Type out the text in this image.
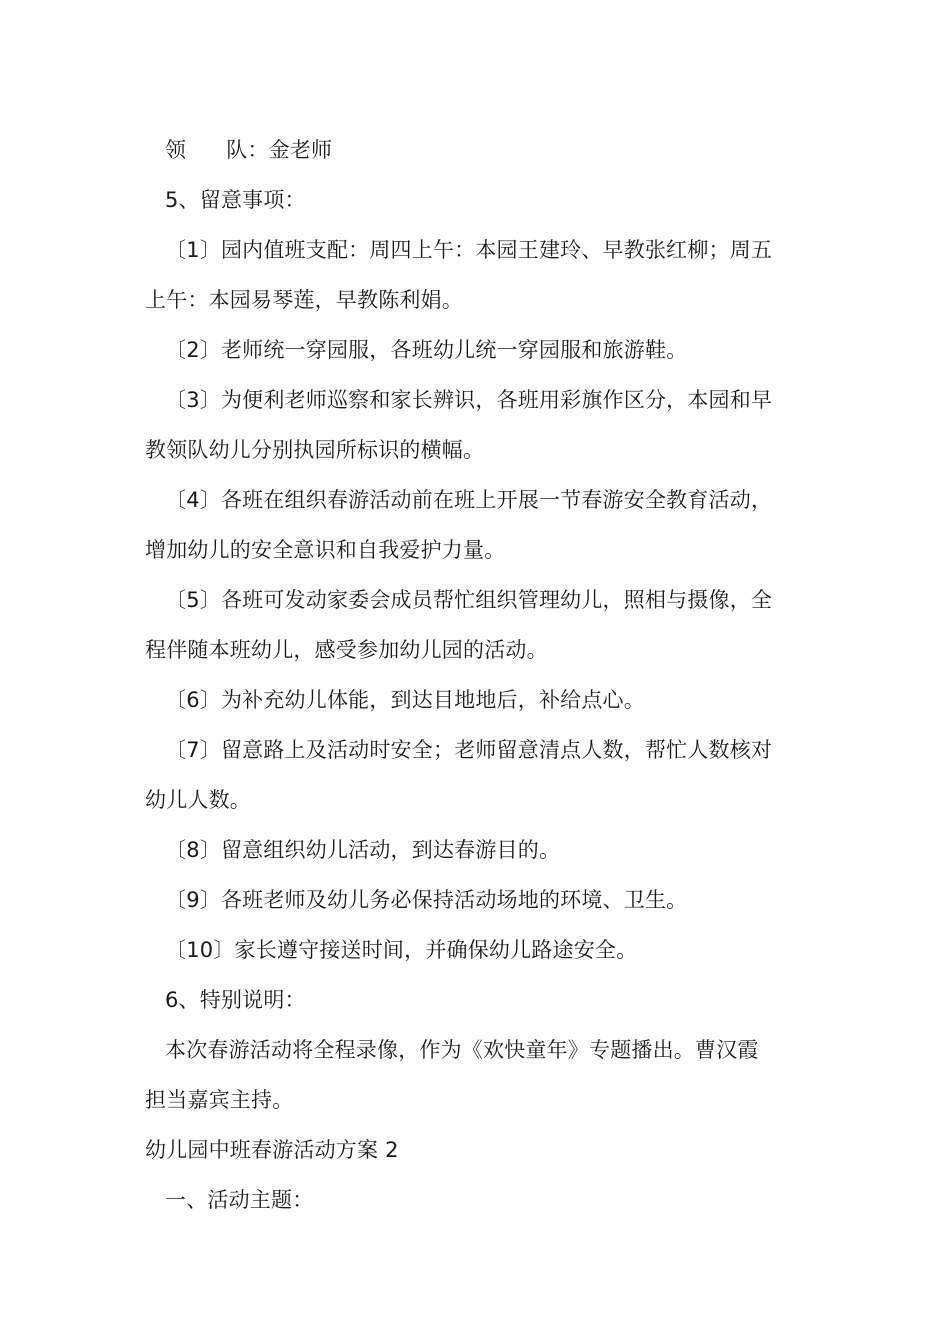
领 队：金老师
5、留意事项：
〔1〕园内值班支配：周四上午：本园王建玲、早教张红柳；周五
上午：本园易琴莲，早教陈利娟。
〔2〕老师统一穿园服，各班幼儿统一穿园服和旅游鞋。
〔3〕为便利老师巡察和家长辨识，各班用彩旗作区分，本园和早
教领队幼儿分别执园所标识的横幅。
〔4〕各班在组织春游活动前在班上开展一节春游安全教育活动，
增加幼儿的安全意识和自我爱护力量。
〔5〕各班可发动家委会成员帮忙组织管理幼儿，照相与摄像，全
程伴随本班幼儿，感受参加幼儿园的活动。
〔6〕为补充幼儿体能，到达目地地后，补给点心。
〔7〕留意路上及活动时安全；老师留意清点人数，帮忙人数核对
幼儿人数。
〔8〕留意组织幼儿活动，到达春游目的。
〔9〕各班老师及幼儿务必保持活动场地的环境、卫生。
〔10〕家长遵守接送时间，并确保幼儿路途安全。
6、特别说明：
本次春游活动将全程录像，作为《欢快童年》专题播出。曹汉霞
担当嘉宾主持。
幼儿园中班春游活动方案 2
一、活动主题：
